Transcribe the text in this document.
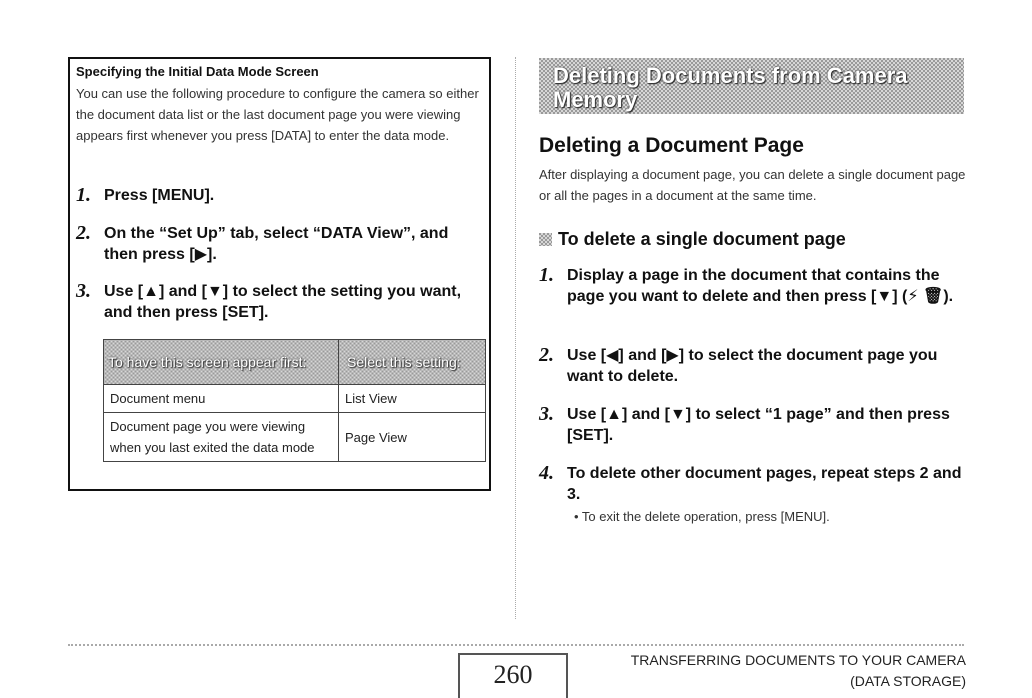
Specifying the Initial Data Mode Screen

You can use the following procedure to configure the camera so either the document data list or the last document page you were viewing appears first whenever you press [DATA] to enter the data mode.

1. Press [MENU].
2. On the “Set Up” tab, select “DATA View”, and then press [▶].
3. Use [▲] and [▼] to select the setting you want, and then press [SET].
To have this screen appear first:	Select this setting:
Document menu	List View
Document page you were viewing when you last exited the data mode	Page View
Deleting Documents from Camera Memory
Deleting a Document Page

After displaying a document page, you can delete a single document page or all the pages in a document at the same time.

To delete a single document page
1. Display a page in the document that contains the page you want to delete and then press [▼] (⚡ 🗑).
2. Use [◀] and [▶] to select the document page you want to delete.
3. Use [▲] and [▼] to select “1 page” and then press [SET].
4. To delete other document pages, repeat steps 2 and 3.
• To exit the delete operation, press [MENU].
260	TRANSFERRING DOCUMENTS TO YOUR CAMERA
(DATA STORAGE)
